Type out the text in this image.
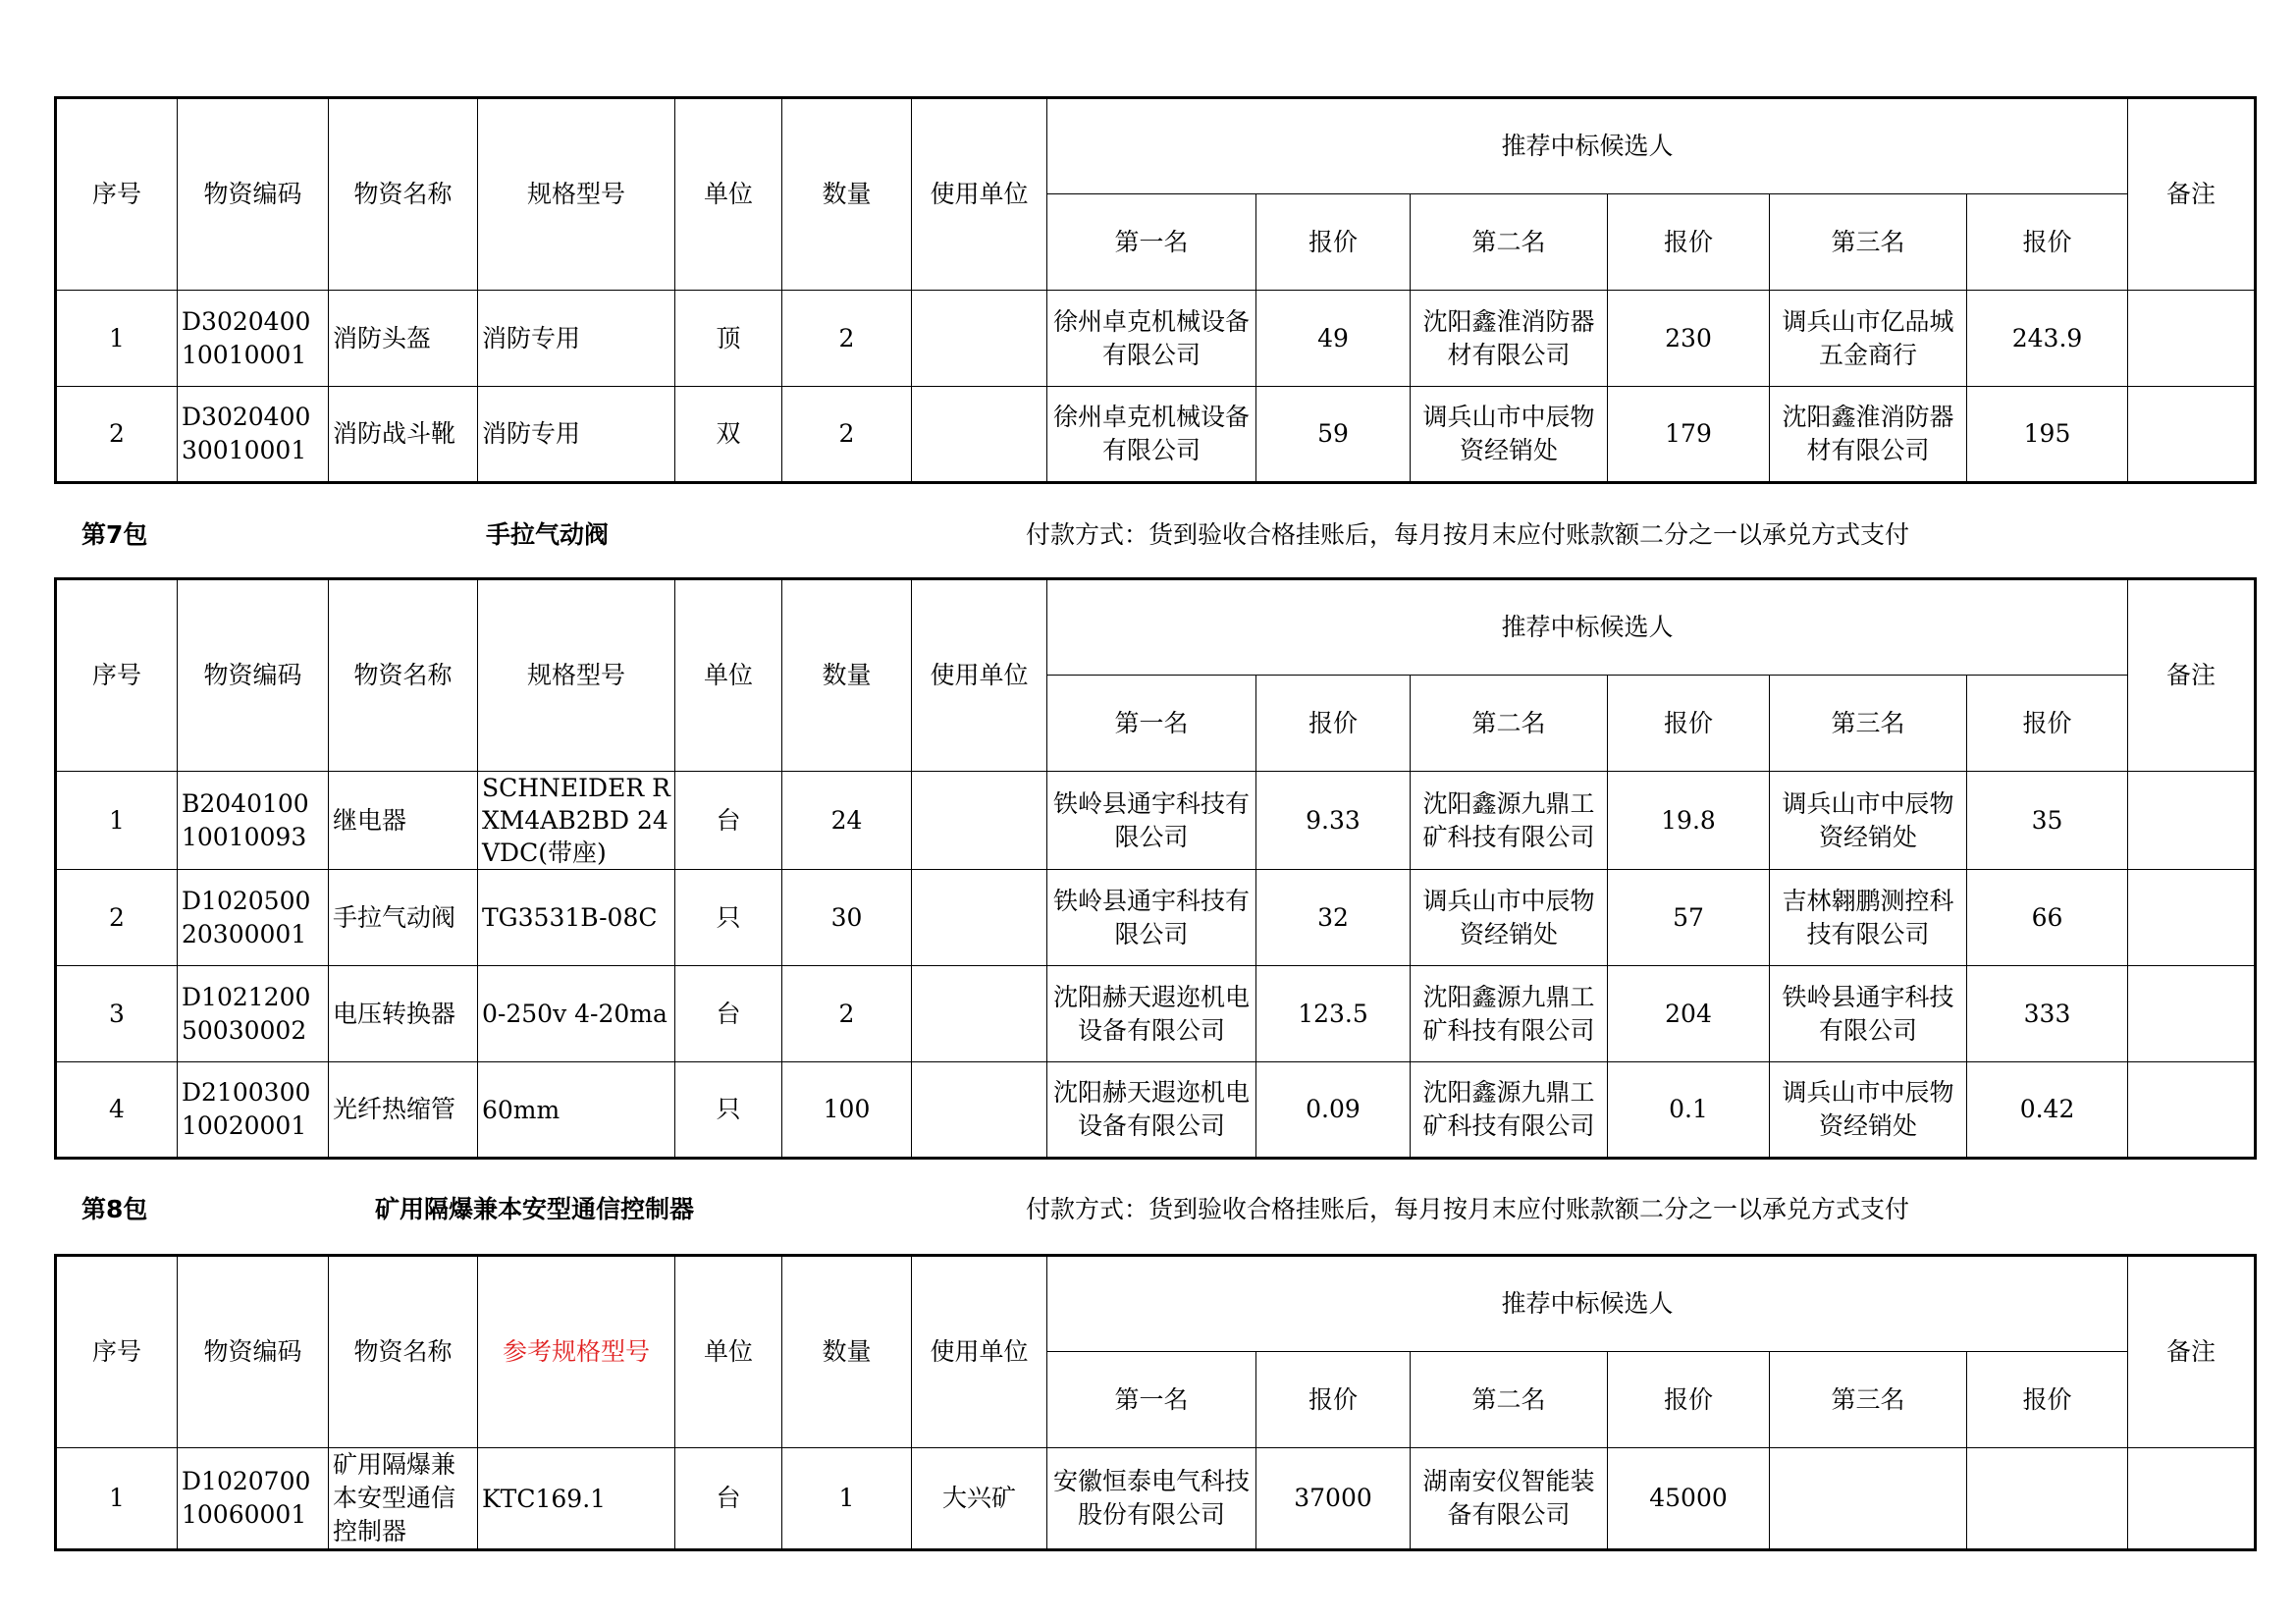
序号	物资编码	物资名称	规格型号	单位	数量	使用单位	推荐中标候选人						备注
							第一名	报价	第二名	报价	第三名	报价	
1	D302040010010001	消防头盔	消防专用	顶	2		徐州卓克机械设备有限公司	49	沈阳鑫淮消防器材有限公司	230	调兵山市亿品城五金商行	243.9	
2	D302040030010001	消防战斗靴	消防专用	双	2		徐州卓克机械设备有限公司	59	调兵山市中辰物资经销处	179	沈阳鑫淮消防器材有限公司	195	
第7包	手拉气动阀	付款方式：货到验收合格挂账后，每月按月末应付账款额二分之一以承兑方式支付
序号	物资编码	物资名称	规格型号	单位	数量	使用单位	推荐中标候选人						备注
							第一名	报价	第二名	报价	第三名	报价	
1	B204010010010093	继电器	SCHNEIDER RXM4AB2BD 24VDC(带座)	台	24		铁岭县通宇科技有限公司	9.33	沈阳鑫源九鼎工矿科技有限公司	19.8	调兵山市中辰物资经销处	35	
2	D102050020300001	手拉气动阀	TG3531B-08C	只	30		铁岭县通宇科技有限公司	32	调兵山市中辰物资经销处	57	吉林翱鹏测控科技有限公司	66	
3	D102120050030002	电压转换器	0-250v 4-20ma	台	2		沈阳赫天遐迩机电设备有限公司	123.5	沈阳鑫源九鼎工矿科技有限公司	204	铁岭县通宇科技有限公司	333	
4	D210030010020001	光纤热缩管	60mm	只	100		沈阳赫天遐迩机电设备有限公司	0.09	沈阳鑫源九鼎工矿科技有限公司	0.1	调兵山市中辰物资经销处	0.42	
第8包	矿用隔爆兼本安型通信控制器	付款方式：货到验收合格挂账后，每月按月末应付账款额二分之一以承兑方式支付
序号	物资编码	物资名称	参考规格型号	单位	数量	使用单位	推荐中标候选人						备注
							第一名	报价	第二名	报价	第三名	报价	
1	D102070010060001	矿用隔爆兼本安型通信控制器	KTC169.1	台	1	大兴矿	安徽恒泰电气科技股份有限公司	37000	湖南安仪智能装备有限公司	45000			
